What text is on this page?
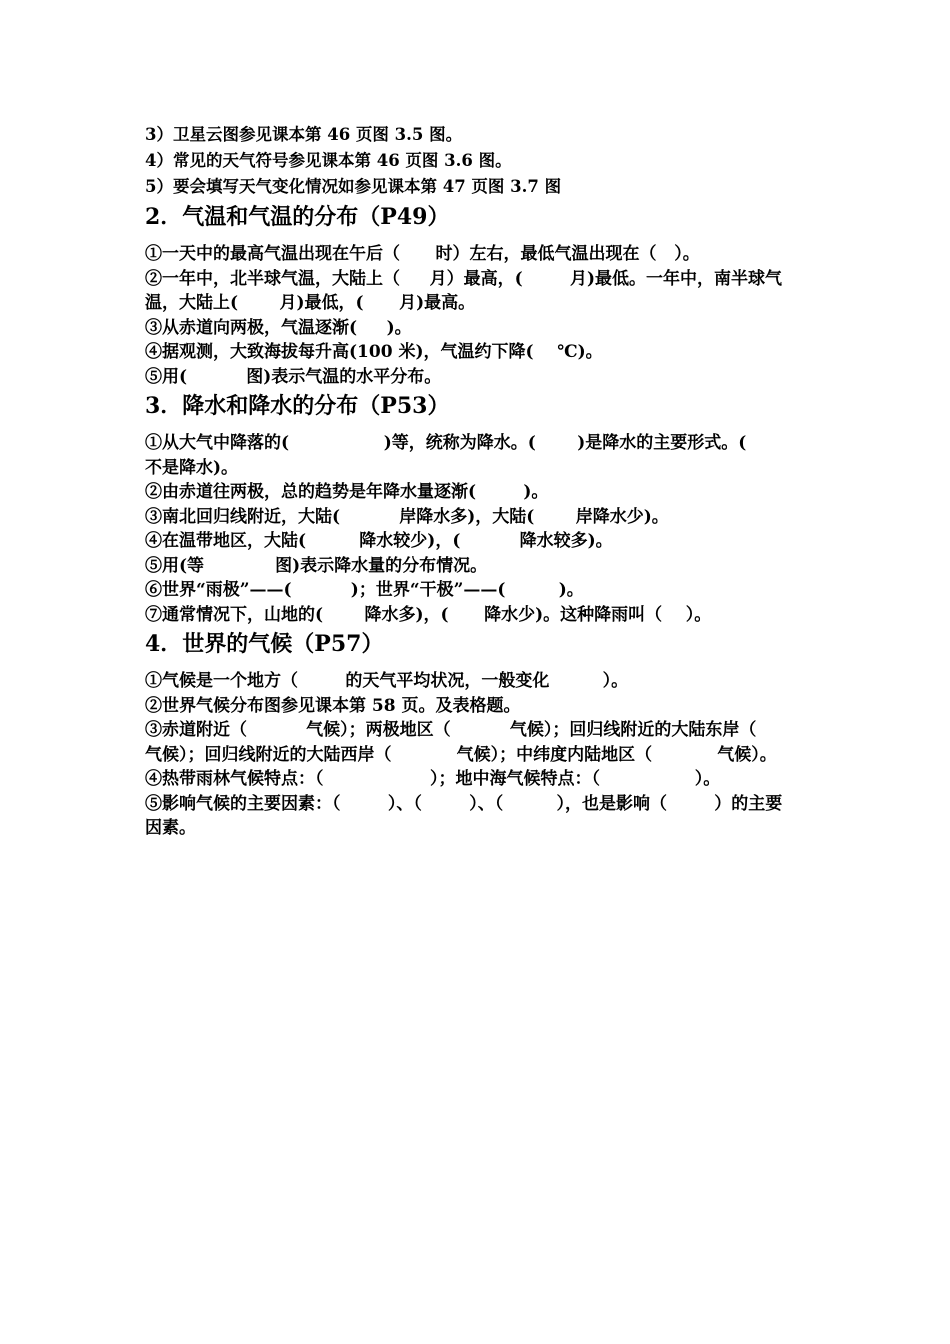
3）卫星云图参见课本第 46 页图 3.5 图。
4）常见的天气符号参见课本第 46 页图 3.6 图。
5）要会填写天气变化情况如参见课本第 47 页图 3.7 图
2．气温和气温的分布（P49）
①一天中的最高气温出现在午后（      时）左右，最低气温出现在（   ）。
②一年中，北半球气温，大陆上（     月）最高，(        月)最低。一年中，南半球气
温，大陆上(       月)最低，(      月)最高。
③从赤道向两极，气温逐渐(     )。
④据观测，大致海拔每升高(100 米)，气温约下降(    ℃)。
⑤用(          图)表示气温的水平分布。
3．降水和降水的分布（P53）
①从大气中降落的(                )等，统称为降水。(       )是降水的主要形式。(
不是降水)。
②由赤道往两极，总的趋势是年降水量逐渐(        )。
③南北回归线附近，大陆(          岸降水多)，大陆(       岸降水少)。
④在温带地区，大陆(         降水较少)，(          降水较多)。
⑤用(等            图)表示降水量的分布情况。
⑥世界“雨极”——(          )；世界“干极”——(         )。
⑦通常情况下，山地的(       降水多)，(      降水少)。这种降雨叫（    ）。
4．世界的气候（P57）
①气候是一个地方（        的天气平均状况，一般变化         ）。
②世界气候分布图参见课本第 58 页。及表格题。
③赤道附近（          气候）；两极地区（          气候）；回归线附近的大陆东岸（
气候）；回归线附近的大陆西岸（           气候）；中纬度内陆地区（           气候）。
④热带雨林气候特点：（                  ）；地中海气候特点：（                ）。
⑤影响气候的主要因素：（        ）、（        ）、（         ），也是影响（        ）的主要
因素。
